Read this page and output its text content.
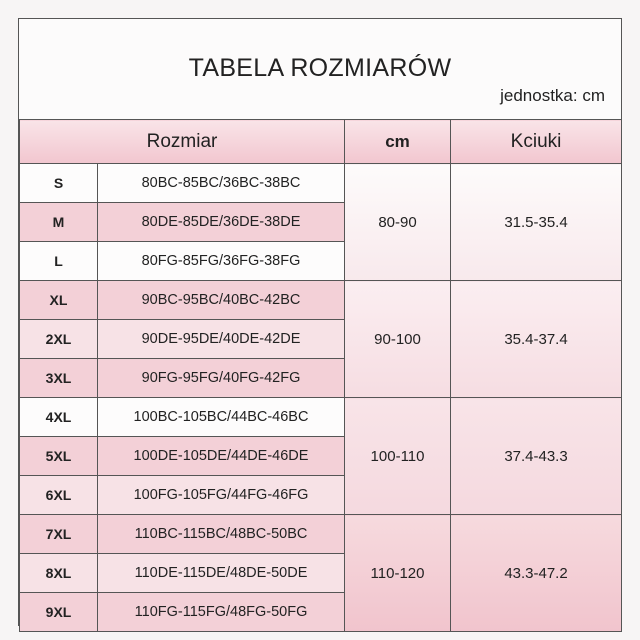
TABELA ROZMIARÓW
jednostka: cm
Rozmiar		cm	Kciuki
S	80BC-85BC/36BC-38BC	80-90	31.5-35.4
M	80DE-85DE/36DE-38DE		
L	80FG-85FG/36FG-38FG		
XL	90BC-95BC/40BC-42BC	90-100	35.4-37.4
2XL	90DE-95DE/40DE-42DE		
3XL	90FG-95FG/40FG-42FG		
4XL	100BC-105BC/44BC-46BC	100-110	37.4-43.3
5XL	100DE-105DE/44DE-46DE		
6XL	100FG-105FG/44FG-46FG		
7XL	110BC-115BC/48BC-50BC	110-120	43.3-47.2
8XL	110DE-115DE/48DE-50DE		
9XL	110FG-115FG/48FG-50FG		
